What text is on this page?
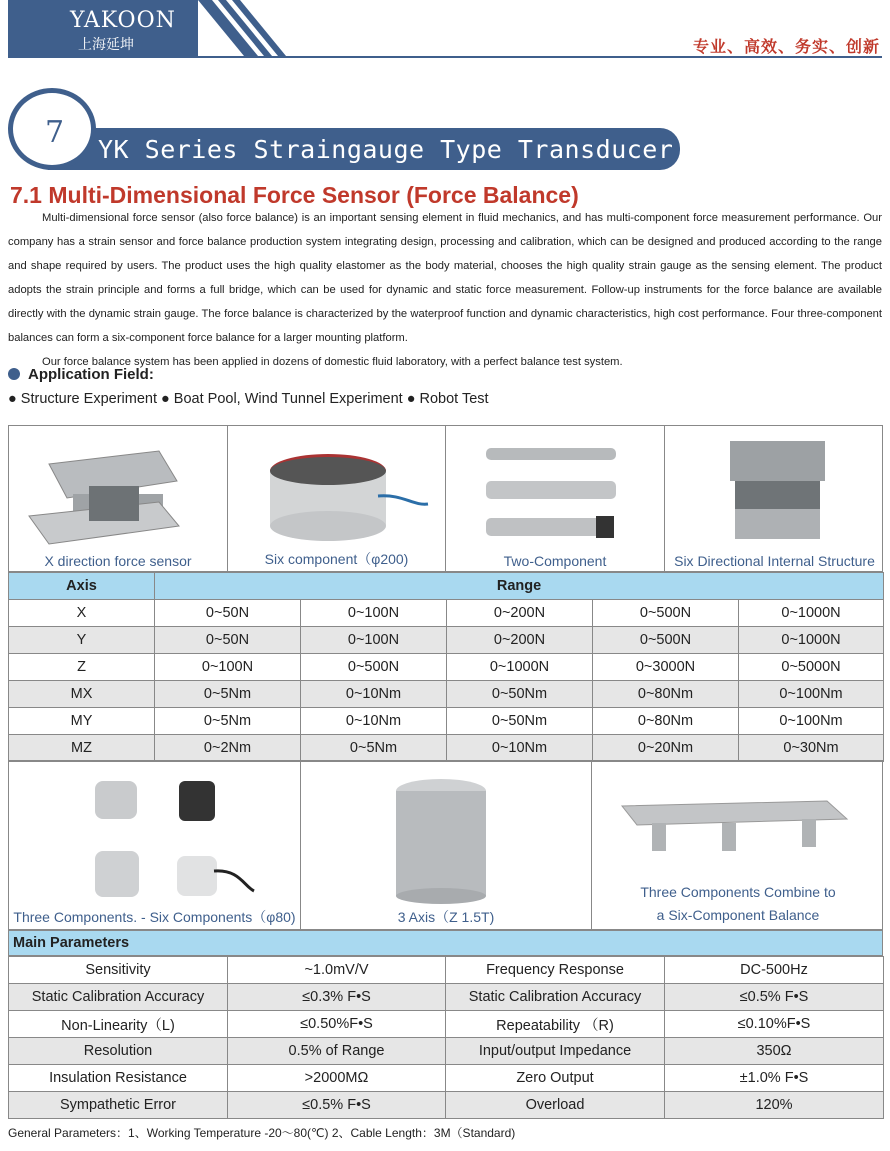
YAKOON
上海延坤	专业、高效、务实、创新
YK Series Straingauge Type Transducer
7
7.1 Multi-Dimensional Force Sensor (Force Balance)

Multi-dimensional force sensor (also force balance) is an important sensing element in fluid mechanics, and has multi-component force measurement performance. Our company has a strain sensor and force balance production system integrating design, processing and calibration, which can be designed and produced according to the range and shape required by users. The product uses the high quality elastomer as the body material, chooses the high quality strain gauge as the sensing element. The product adopts the strain principle and forms a full bridge, which can be used for dynamic and static force measurement. Follow-up instruments for the force balance are available directly with the dynamic strain gauge. The force balance is characterized by the waterproof function and dynamic characteristics, high cost performance. Four three-component balances can form a six-component force balance for a larger mounting platform.

Our force balance system has been applied in dozens of domestic fluid laboratory, with a perfect balance test system.

Application Field:
● Structure Experiment ● Boat Pool, Wind Tunnel Experiment ● Robot Test
X direction force sensor	Six component（φ200)	Two-Component	Six Directional Internal Structure
Axis	Range				
X	0~50N	0~100N	0~200N	0~500N	0~1000N
Y	0~50N	0~100N	0~200N	0~500N	0~1000N
Z	0~100N	0~500N	0~1000N	0~3000N	0~5000N
MX	0~5Nm	0~10Nm	0~50Nm	0~80Nm	0~100Nm
MY	0~5Nm	0~10Nm	0~50Nm	0~80Nm	0~100Nm
MZ	0~2Nm	0~5Nm	0~10Nm	0~20Nm	0~30Nm
Three Components. - Six Components（φ80)	3 Axis（Z 1.5T)
Three Components Combine to
a Six-Component Balance
Main Parameters
Sensitivity	~1.0mV/V	Frequency Response	DC-500Hz
Static Calibration Accuracy	≤0.3% F•S	Static Calibration Accuracy	≤0.5% F•S
Non-Linearity（L)	≤0.50%F•S	Repeatability （R)	≤0.10%F•S
Resolution	0.5% of Range	Input/output Impedance	350Ω
Insulation Resistance	>2000MΩ	Zero Output	±1.0% F•S
Sympathetic Error	≤0.5% F•S	Overload	120%
General Parameters：1、Working Temperature -20～80(℃) 2、Cable Length：3M（Standard)
